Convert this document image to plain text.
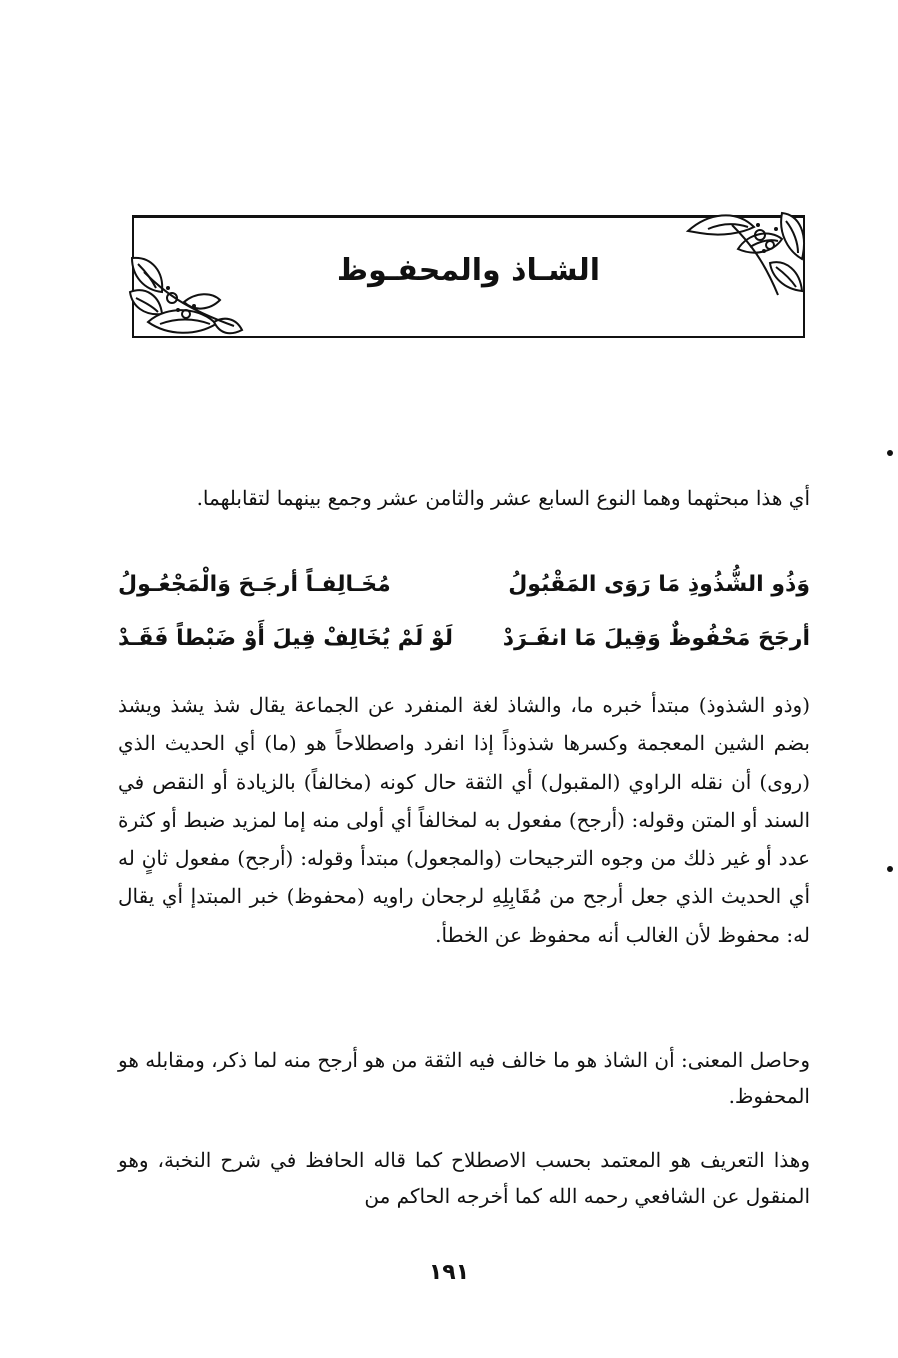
الشـاذ والمحفـوظ
أي هذا مبحثهما وهما النوع السابع عشر والثامن عشر وجمع بينهما لتقابلهما.
وَذُو الشُّذُوذِ مَا رَوَى المَقْبُولُ
مُخَـالِفـاً أرجَـحَ وَالْمَجْعُـولُ
أرجَحَ مَحْفُوظٌ وَقِيلَ مَا انفَـرَدْ
لَوْ لَمْ يُخَالِفْ قِيلَ أَوْ ضَبْطاً فَقَـدْ
(وذو الشذوذ) مبتدأ خبره ما، والشاذ لغة المنفرد عن الجماعة يقال شذ يشذ ويشذ بضم الشين المعجمة وكسرها شذوذاً إذا انفرد واصطلاحاً هو (ما) أي الحديث الذي (روى) أن نقله الراوي (المقبول) أي الثقة حال كونه (مخالفاً) بالزيادة أو النقص في السند أو المتن وقوله: (أرجح) مفعول به لمخالفاً أي أولى منه إما لمزيد ضبط أو كثرة عدد أو غير ذلك من وجوه الترجيحات (والمجعول) مبتدأ وقوله: (أرجح) مفعول ثانٍ له أي الحديث الذي جعل أرجح من مُقَابِلِهِ لرجحان راويه (محفوظ) خبر المبتدإ أي يقال له: محفوظ لأن الغالب أنه محفوظ عن الخطأ.
وحاصل المعنى: أن الشاذ هو ما خالف فيه الثقة من هو أرجح منه لما ذكر، ومقابله هو المحفوظ.
وهذا التعريف هو المعتمد بحسب الاصطلاح كما قاله الحافظ في شرح النخبة، وهو المنقول عن الشافعي رحمه الله كما أخرجه الحاكم من
١٩١
